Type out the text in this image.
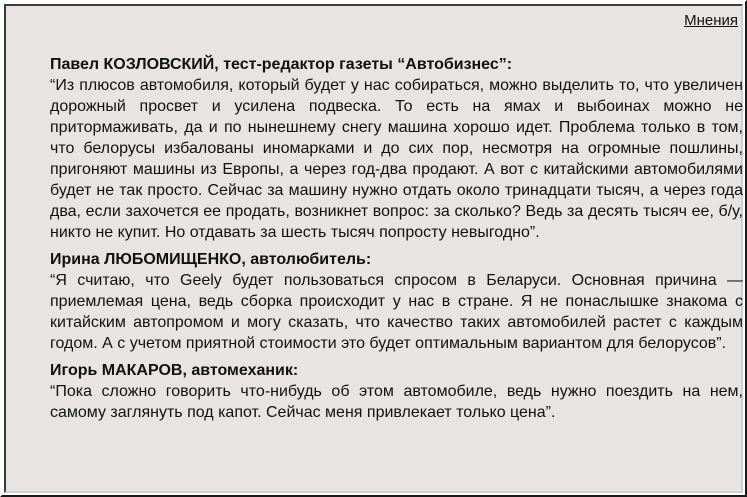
Мнения

Павел КОЗЛОВСКИЙ, тест-редактор газеты “Автобизнес”:

“Из плюсов автомобиля, который будет у нас собираться, можно выделить то, что увеличен дорожный просвет и усилена подвеска. То есть на ямах и выбоинах можно не притормаживать, да и по нынешнему снегу машина хорошо идет. Проблема только в том, что белорусы избалованы иномарками и до сих пор, несмотря на огромные пошлины, пригоняют машины из Европы, а через год-два продают. А вот с китайскими автомобилями будет не так просто. Сейчас за машину нужно отдать около тринадцати тысяч, а через года два, если захочется ее продать, возникнет вопрос: за сколько? Ведь за десять тысяч ее, б/у, никто не купит. Но отдавать за шесть тысяч попросту невыгодно”.

Ирина ЛЮБОМИЩЕНКО, автолюбитель:

“Я считаю, что Geely будет пользоваться спросом в Беларуси. Основная причина — приемлемая цена, ведь сборка происходит у нас в стране. Я не понаслышке знакома с китайским автопромом и могу сказать, что качество таких автомобилей растет с каждым годом. А с учетом приятной стоимости это будет оптимальным вариантом для белорусов”.

Игорь МАКАРОВ, автомеханик:

“Пока сложно говорить что-нибудь об этом автомобиле, ведь нужно поездить на нем, самому заглянуть под капот. Сейчас меня привлекает только цена”.
